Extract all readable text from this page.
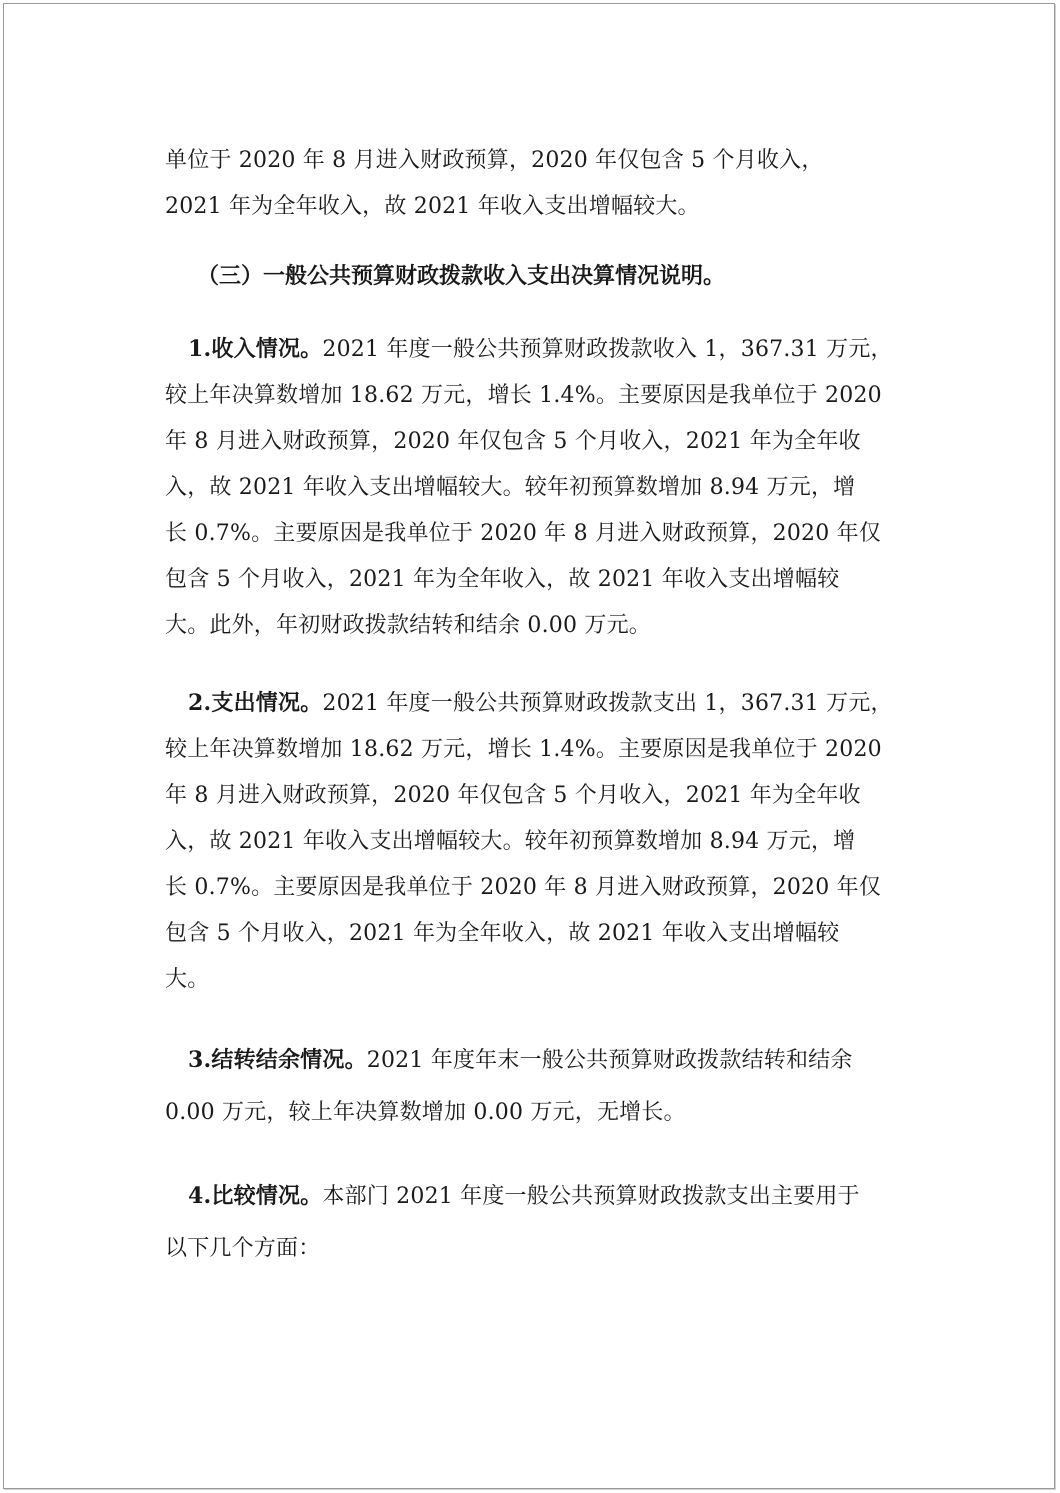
单位于 2020 年 8 月进入财政预算，2020 年仅包含 5 个月收入，
2021 年为全年收入，故 2021 年收入支出增幅较大。
（三）一般公共预算财政拨款收入支出决算情况说明。
1.收入情况。2021 年度一般公共预算财政拨款收入 1，367.31 万元，
较上年决算数增加 18.62 万元，增长 1.4%。主要原因是我单位于 2020
年 8 月进入财政预算，2020 年仅包含 5 个月收入，2021 年为全年收
入，故 2021 年收入支出增幅较大。较年初预算数增加 8.94 万元，增
长 0.7%。主要原因是我单位于 2020 年 8 月进入财政预算，2020 年仅
包含 5 个月收入，2021 年为全年收入，故 2021 年收入支出增幅较
大。此外，年初财政拨款结转和结余 0.00 万元。
2.支出情况。2021 年度一般公共预算财政拨款支出 1，367.31 万元，
较上年决算数增加 18.62 万元，增长 1.4%。主要原因是我单位于 2020
年 8 月进入财政预算，2020 年仅包含 5 个月收入，2021 年为全年收
入，故 2021 年收入支出增幅较大。较年初预算数增加 8.94 万元，增
长 0.7%。主要原因是我单位于 2020 年 8 月进入财政预算，2020 年仅
包含 5 个月收入，2021 年为全年收入，故 2021 年收入支出增幅较
大。
3.结转结余情况。2021 年度年末一般公共预算财政拨款结转和结余
0.00 万元，较上年决算数增加 0.00 万元，无增长。
4.比较情况。本部门 2021 年度一般公共预算财政拨款支出主要用于
以下几个方面：
